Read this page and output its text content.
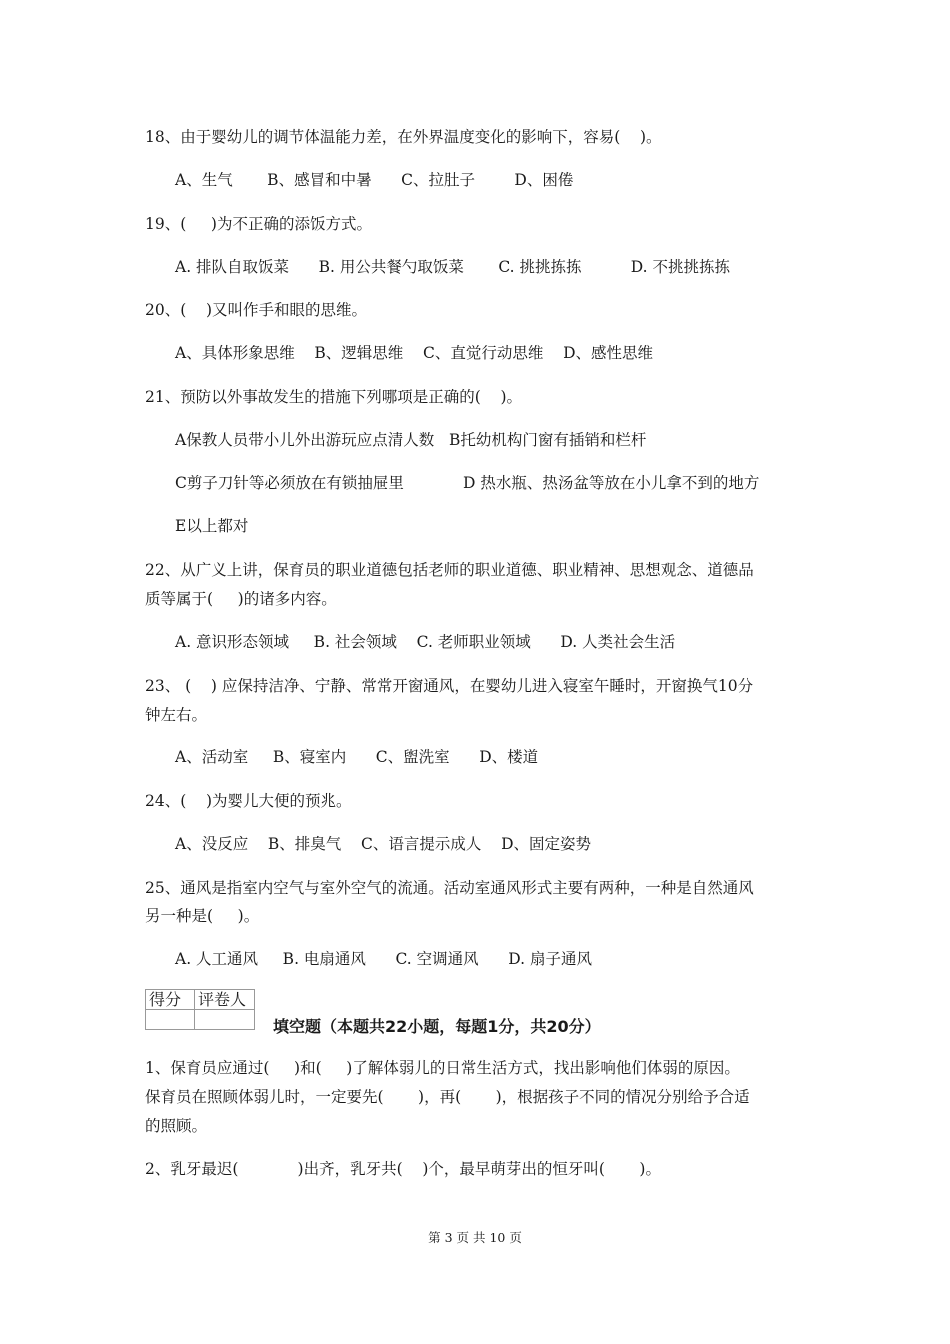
18、由于婴幼儿的调节体温能力差，在外界温度变化的影响下，容易(    )。
A、生气       B、感冒和中暑      C、拉肚子        D、困倦
19、(     )为不正确的添饭方式。
A. 排队自取饭菜      B. 用公共餐勺取饭菜       C. 挑挑拣拣          D. 不挑挑拣拣
20、(    )又叫作手和眼的思维。
A、具体形象思维    B、逻辑思维    C、直觉行动思维    D、感性思维
21、预防以外事故发生的措施下列哪项是正确的(    )。
A保教人员带小儿外出游玩应点清人数   B托幼机构门窗有插销和栏杆
C剪子刀针等必须放在有锁抽屉里            D 热水瓶、热汤盆等放在小儿拿不到的地方
E以上都对
22、从广义上讲，保育员的职业道德包括老师的职业道德、职业精神、思想观念、道德品
质等属于(     )的诸多内容。
A. 意识形态领域     B. 社会领域    C. 老师职业领域      D. 人类社会生活
23、 (    ) 应保持洁净、宁静、常常开窗通风，在婴幼儿进入寝室午睡时，开窗换气10分
钟左右。
A、活动室     B、寝室内      C、盥洗室      D、楼道
24、(    )为婴儿大便的预兆。
A、没反应    B、排臭气    C、语言提示成人    D、固定姿势
25、通风是指室内空气与室外空气的流通。活动室通风形式主要有两种，一种是自然通风
另一种是(     )。
A. 人工通风     B. 电扇通风      C. 空调通风      D. 扇子通风
得分	评卷人

填空题（本题共22小题，每题1分，共20分）
1、保育员应通过(     )和(     )了解体弱儿的日常生活方式，找出影响他们体弱的原因。
保育员在照顾体弱儿时，一定要先(       )，再(       )，根据孩子不同的情况分别给予合适
的照顾。
2、乳牙最迟(            )出齐，乳牙共(    )个，最早萌芽出的恒牙叫(       )。
第 3 页 共 10 页
